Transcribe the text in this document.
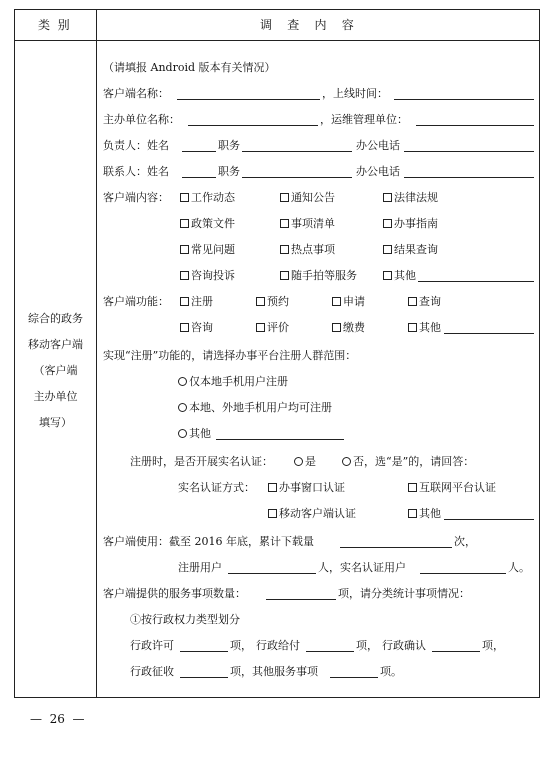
类  别	调    查    内    容
综合的政务
移动客户端
（客户端
主办单位
填写）
（请填报 Android 版本有关情况）
客户端名称：	，上线时间：
主办单位名称：	，运维管理单位：
负责人：姓名	职务	办公电话
联系人：姓名	职务	办公电话
客户端内容：	工作动态	通知公告	法律法规
政策文件	事项清单	办事指南
常见问题	热点事项	结果查询
咨询投诉	随手拍等服务	其他
客户端功能：	注册	预约	申请	查询
咨询	评价	缴费	其他
实现“注册”功能的，请选择办事平台注册人群范围：
仅本地手机用户注册
本地、外地手机用户均可注册
其他
注册时，是否开展实名认证：	是	否，选“是”的，请回答：
实名认证方式：	办事窗口认证	互联网平台认证
移动客户端认证	其他
客户端使用：截至 2016 年底，累计下载量	次，
注册用户	人，实名认证用户	人。
客户端提供的服务事项数量：	项，请分类统计事项情况：
①按行政权力类型划分
行政许可	项， 行政给付	项， 行政确认	项，
行政征收	项，其他服务事项	项。
—  26  —
